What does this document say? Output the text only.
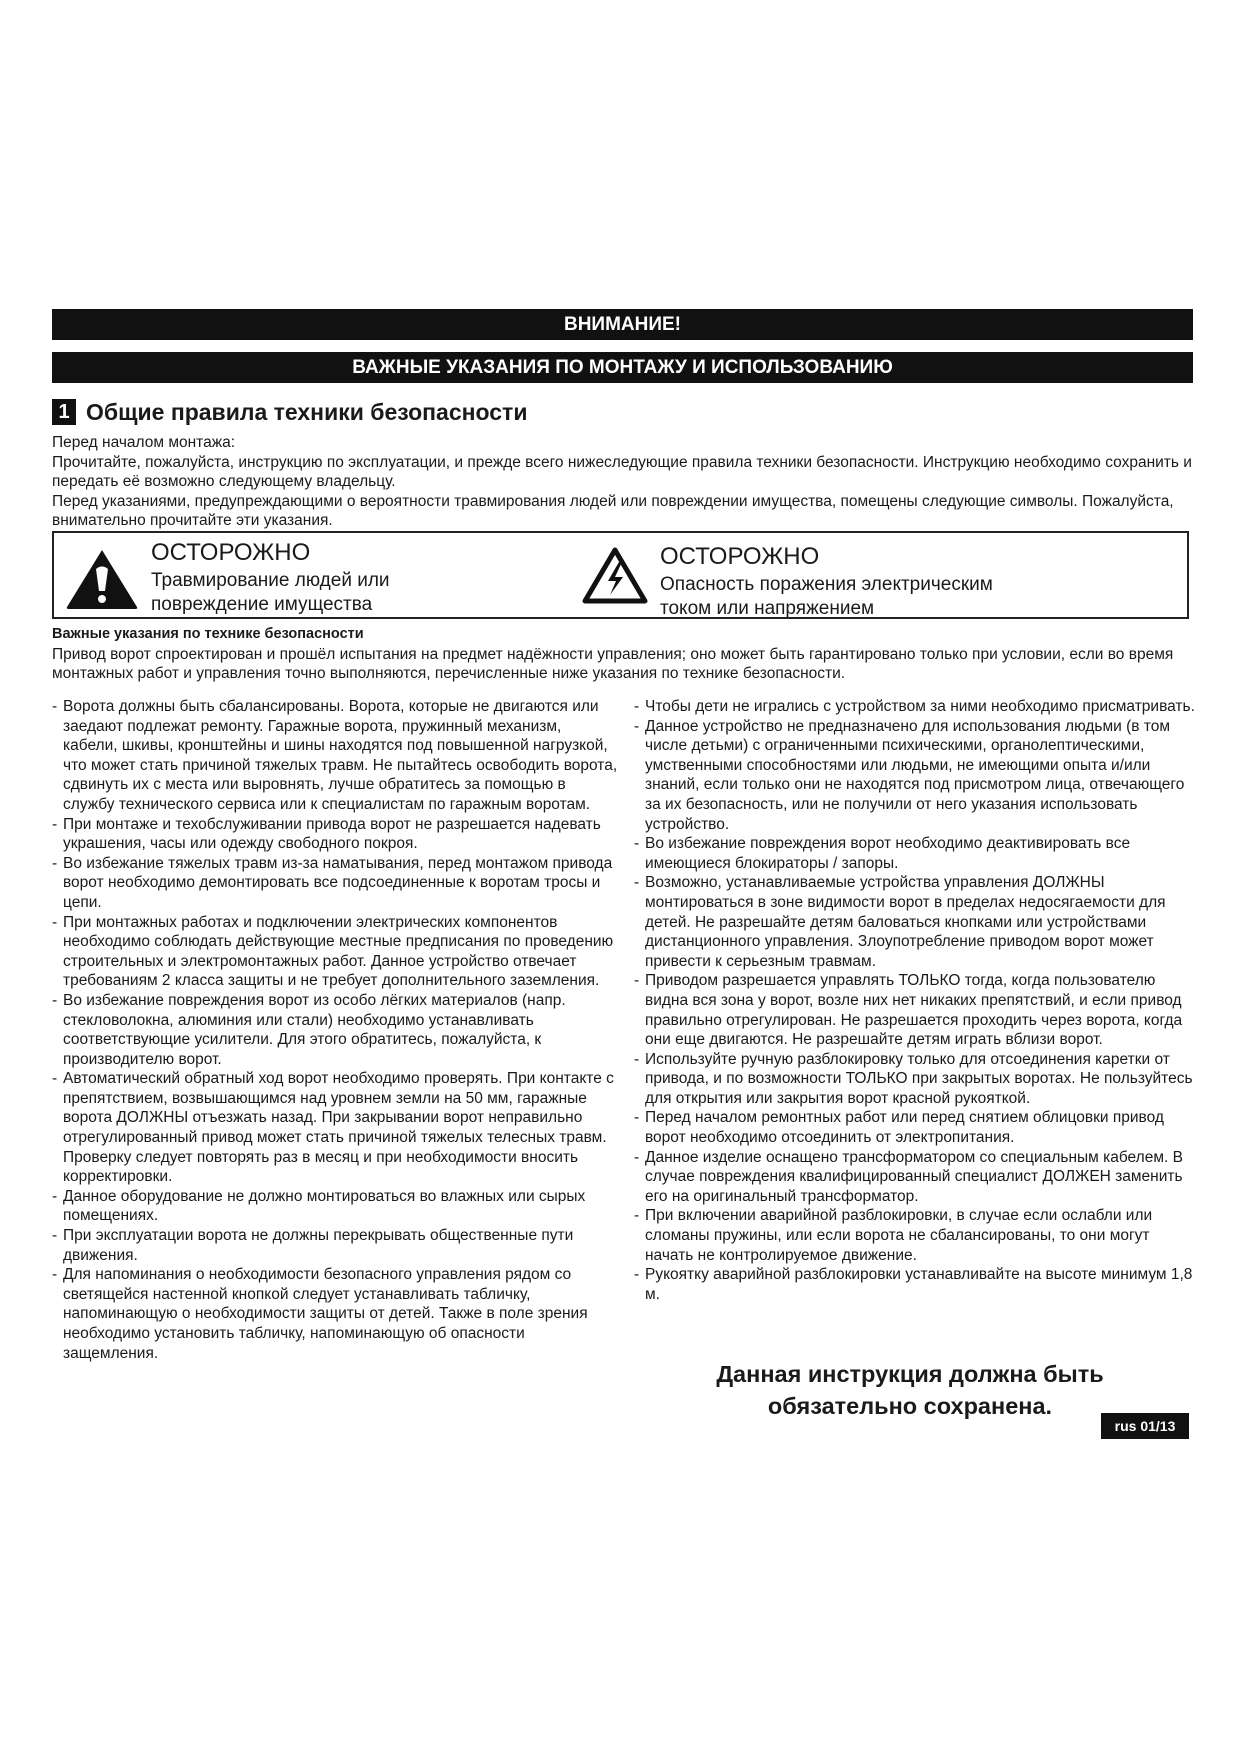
ВНИМАНИЕ!
ВАЖНЫЕ УКАЗАНИЯ ПО МОНТАЖУ И ИСПОЛЬЗОВАНИЮ
1 Общие правила техники безопасности

Перед началом монтажа:

Прочитайте, пожалуйста, инструкцию по эксплуатации, и прежде всего нижеследующие правила техники безопасности. Инструкцию необходимо сохранить и передать её возможно следующему владельцу.

Перед указаниями, предупреждающими о вероятности травмирования людей или повреждении имущества, помещены следующие символы. Пожалуйста, внимательно прочитайте эти указания.

ОСТОРОЖНО
Травмирование людей или
повреждение имущества
ОСТОРОЖНО
Опасность поражения электрическим
током или напряжением
Важные указания по технике безопасности

Привод ворот спроектирован и прошёл испытания на предмет надёжности управления; оно может быть гарантировано только при условии, если во время монтажных работ и управления точно выполняются, перечисленные ниже указания по технике безопасности.

- Ворота должны быть сбалансированы. Ворота, которые не двигаются или заедают подлежат ремонту. Гаражные ворота, пружинный механизм, кабели, шкивы, кронштейны и шины находятся под повышенной нагрузкой, что может стать причиной тяжелых травм. Не пытайтесь освободить ворота, сдвинуть их с места или выровнять, лучше обратитесь за помощью в службу технического сервиса или к специалистам по гаражным воротам.
- При монтаже и техобслуживании привода ворот не разрешается надевать украшения, часы или одежду свободного покроя.
- Во избежание тяжелых травм из-за наматывания, перед монтажом привода ворот необходимо демонтировать все подсоединенные к воротам тросы и цепи.
- При монтажных работах и подключении электрических компонентов необходимо соблюдать действующие местные предписания по проведению строительных и электромонтажных работ. Данное устройство отвечает требованиям 2 класса защиты и не требует дополнительного заземления.
- Во избежание повреждения ворот из особо лёгких материалов (напр. стекловолокна, алюминия или стали) необходимо устанавливать соответствующие усилители. Для этого обратитесь, пожалуйста, к производителю ворот.
- Автоматический обратный ход ворот необходимо проверять. При контакте с препятствием, возвышающимся над уровнем земли на 50 мм, гаражные ворота ДОЛЖНЫ отъезжать назад. При закрывании ворот неправильно отрегулированный привод может стать причиной тяжелых телесных травм. Проверку следует повторять раз в месяц и при необходимости вносить корректировки.
- Данное оборудование не должно монтироваться во влажных или сырых помещениях.
- При эксплуатации ворота не должны перекрывать общественные пути движения.
- Для напоминания о необходимости безопасного управления рядом со светящейся настенной кнопкой следует устанавливать табличку, напоминающую о необходимости защиты от детей. Также в поле зрения необходимо установить табличку, напоминающую об опасности защемления.
- Чтобы дети не игрались с устройством за ними необходимо присматривать.
- Данное устройство не предназначено для использования людьми (в том числе детьми) с ограниченными психическими, органолептическими, умственными способностями или людьми, не имеющими опыта и/или знаний, если только они не находятся под присмотром лица, отвечающего за их безопасность, или не получили от него указания использовать устройство.
- Во избежание повреждения ворот необходимо деактивировать все имеющиеся блокираторы / запоры.
- Возможно, устанавливаемые устройства управления ДОЛЖНЫ монтироваться в зоне видимости ворот в пределах недосягаемости для детей. Не разрешайте детям баловаться кнопками или устройствами дистанционного управления. Злоупотребление приводом ворот может привести к серьезным травмам.
- Приводом разрешается управлять ТОЛЬКО тогда, когда пользователю видна вся зона у ворот, возле них нет никаких препятствий, и если привод правильно отрегулирован. Не разрешается проходить через ворота, когда они еще двигаются. Не разрешайте детям играть вблизи ворот.
- Используйте ручную разблокировку только для отсоединения каретки от привода, и по возможности ТОЛЬКО при закрытых воротах. Не пользуйтесь для открытия или закрытия ворот красной рукояткой.
- Перед началом ремонтных работ или перед снятием облицовки привод ворот необходимо отсоединить от электропитания.
- Данное изделие оснащено трансформатором со специальным кабелем. В случае повреждения квалифицированный специалист ДОЛЖЕН заменить его на оригинальный трансформатор.
- При включении аварийной разблокировки, в случае если ослабли или сломаны пружины, или если ворота не сбалансированы, то они могут начать не контролируемое движение.
- Рукоятку аварийной разблокировки устанавливайте на высоте минимум 1,8 м.
Данная инструкция должна быть
обязательно сохранена.
rus 01/13
